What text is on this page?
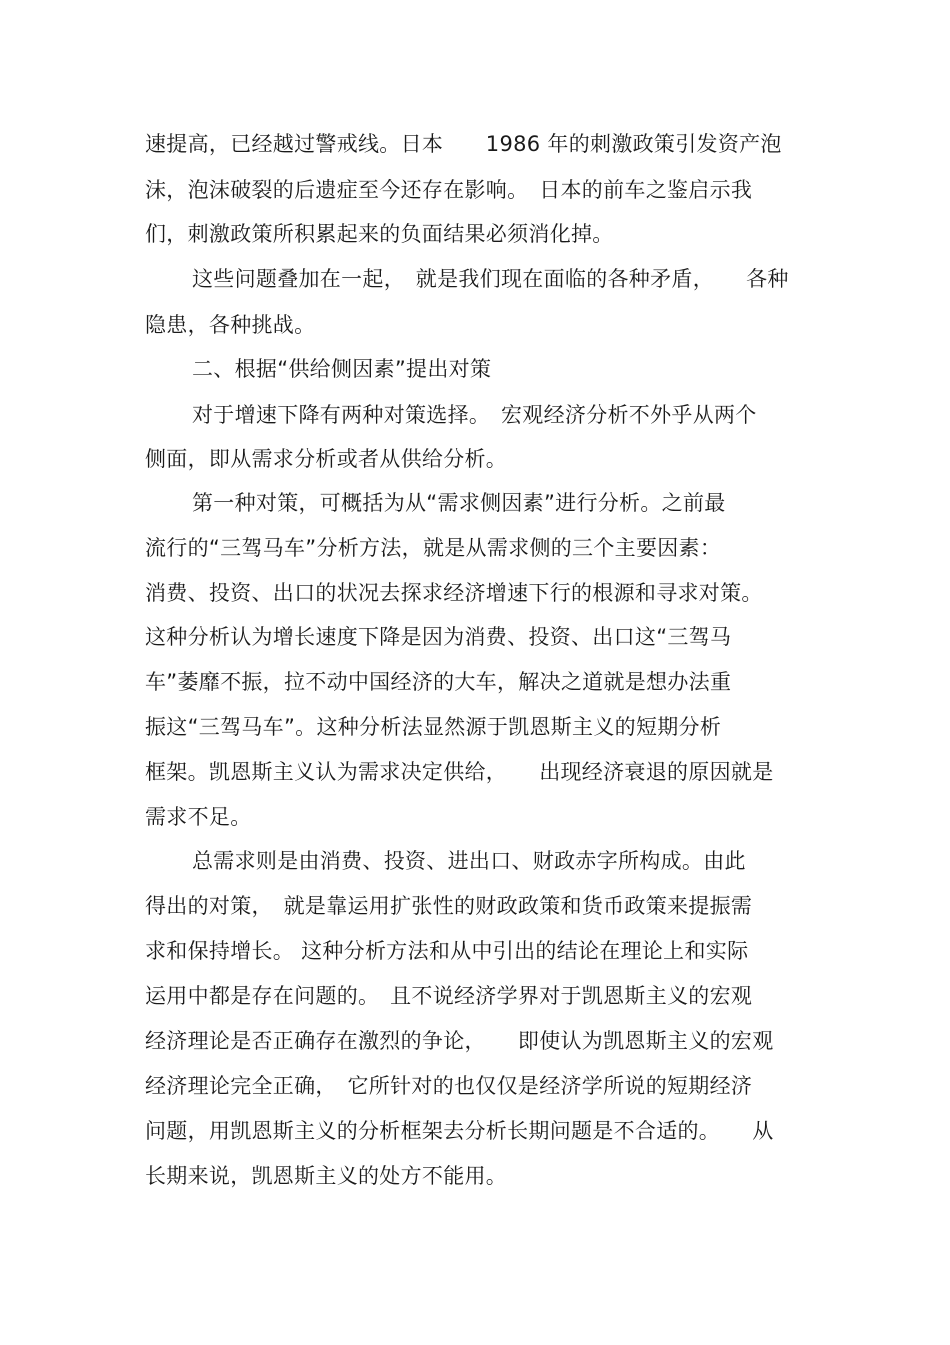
速提高，已经越过警戒线。日本　　1986 年的刺激政策引发资产泡

沫，泡沫破裂的后遗症至今还存在影响。　日本的前车之鉴启示我

们，刺激政策所积累起来的负面结果必须消化掉。

这些问题叠加在一起，　就是我们现在面临的各种矛盾，　　各种

隐患，各种挑战。

二、根据“供给侧因素”提出对策

对于增速下降有两种对策选择。　宏观经济分析不外乎从两个

侧面，即从需求分析或者从供给分析。

第一种对策，可概括为从“需求侧因素”进行分析。之前最

流行的“三驾马车”分析方法，就是从需求侧的三个主要因素：

消费、投资、出口的状况去探求经济增速下行的根源和寻求对策。

这种分析认为增长速度下降是因为消费、投资、出口这“三驾马

车”萎靡不振，拉不动中国经济的大车，解决之道就是想办法重

振这“三驾马车”。这种分析法显然源于凯恩斯主义的短期分析

框架。凯恩斯主义认为需求决定供给，　　出现经济衰退的原因就是

需求不足。

总需求则是由消费、投资、进出口、财政赤字所构成。由此

得出的对策，　就是靠运用扩张性的财政政策和货币政策来提振需

求和保持增长。 这种分析方法和从中引出的结论在理论上和实际

运用中都是存在问题的。　且不说经济学界对于凯恩斯主义的宏观

经济理论是否正确存在激烈的争论，　　即使认为凯恩斯主义的宏观

经济理论完全正确，　它所针对的也仅仅是经济学所说的短期经济

问题，用凯恩斯主义的分析框架去分析长期问题是不合适的。　　从

长期来说，凯恩斯主义的处方不能用。
